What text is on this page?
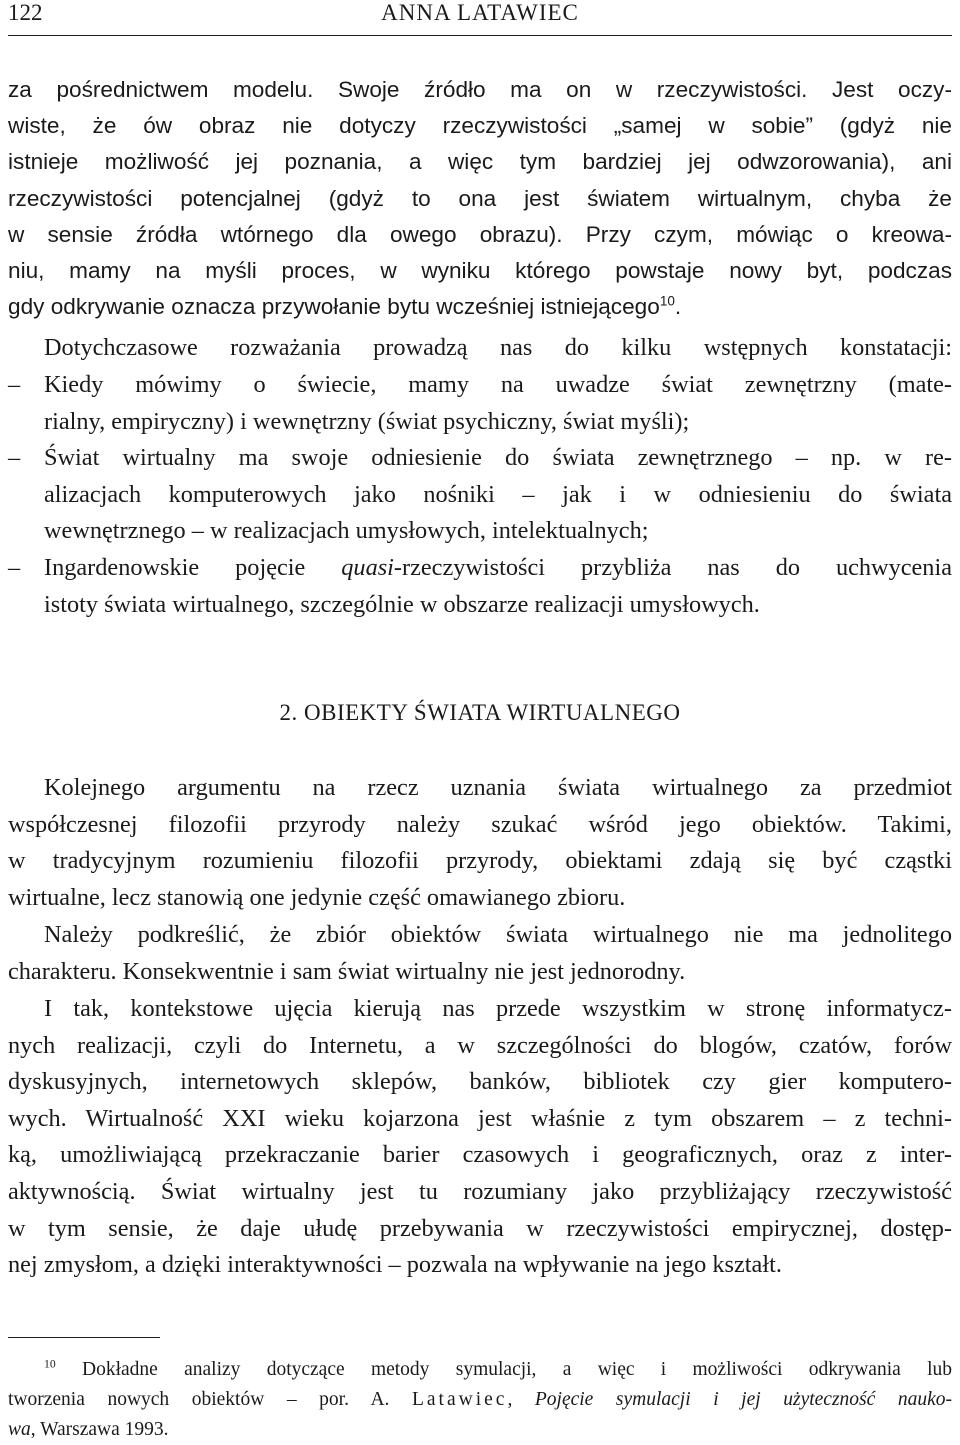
122	ANNA LATAWIEC
za pośrednictwem modelu. Swoje źródło ma on w rzeczywistości. Jest oczy-
wiste, że ów obraz nie dotyczy rzeczywistości „samej w sobie” (gdyż nie
istnieje możliwość jej poznania, a więc tym bardziej jej odwzorowania), ani
rzeczywistości potencjalnej (gdyż to ona jest światem wirtualnym, chyba że
w sensie źródła wtórnego dla owego obrazu). Przy czym, mówiąc o kreowa-
niu, mamy na myśli proces, w wyniku którego powstaje nowy byt, podczas
gdy odkrywanie oznacza przywołanie bytu wcześniej istniejącego$^{10}$.
Dotychczasowe rozważania prowadzą nas do kilku wstępnych konstatacji:
– Kiedy mówimy o świecie, mamy na uwadze świat zewnętrzny (mate-
rialny, empiryczny) i wewnętrzny (świat psychiczny, świat myśli);
– Świat wirtualny ma swoje odniesienie do świata zewnętrznego – np. w re-
alizacjach komputerowych jako nośniki – jak i w odniesieniu do świata
wewnętrznego – w realizacjach umysłowych, intelektualnych;
– Ingardenowskie pojęcie quasi-rzeczywistości przybliża nas do uchwycenia
istoty świata wirtualnego, szczególnie w obszarze realizacji umysłowych.
2. OBIEKTY ŚWIATA WIRTUALNEGO
Kolejnego argumentu na rzecz uznania świata wirtualnego za przedmiot
współczesnej filozofii przyrody należy szukać wśród jego obiektów. Takimi,
w tradycyjnym rozumieniu filozofii przyrody, obiektami zdają się być cząstki
wirtualne, lecz stanowią one jedynie część omawianego zbioru.
Należy podkreślić, że zbiór obiektów świata wirtualnego nie ma jednolitego
charakteru. Konsekwentnie i sam świat wirtualny nie jest jednorodny.
I tak, kontekstowe ujęcia kierują nas przede wszystkim w stronę informatycz-
nych realizacji, czyli do Internetu, a w szczególności do blogów, czatów, forów
dyskusyjnych, internetowych sklepów, banków, bibliotek czy gier komputero-
wych. Wirtualność XXI wieku kojarzona jest właśnie z tym obszarem – z techni-
ką, umożliwiającą przekraczanie barier czasowych i geograficznych, oraz z inter-
aktywnością. Świat wirtualny jest tu rozumiany jako przybliżający rzeczywistość
w tym sensie, że daje ułudę przebywania w rzeczywistości empirycznej, dostęp-
nej zmysłom, a dzięki interaktywności – pozwala na wpływanie na jego kształt.
$^{10}$ Dokładne analizy dotyczące metody symulacji, a więc i możliwości odkrywania lub
tworzenia nowych obiektów – por. A. Latawiec, Pojęcie symulacji i jej użyteczność nauko-
wa, Warszawa 1993.
